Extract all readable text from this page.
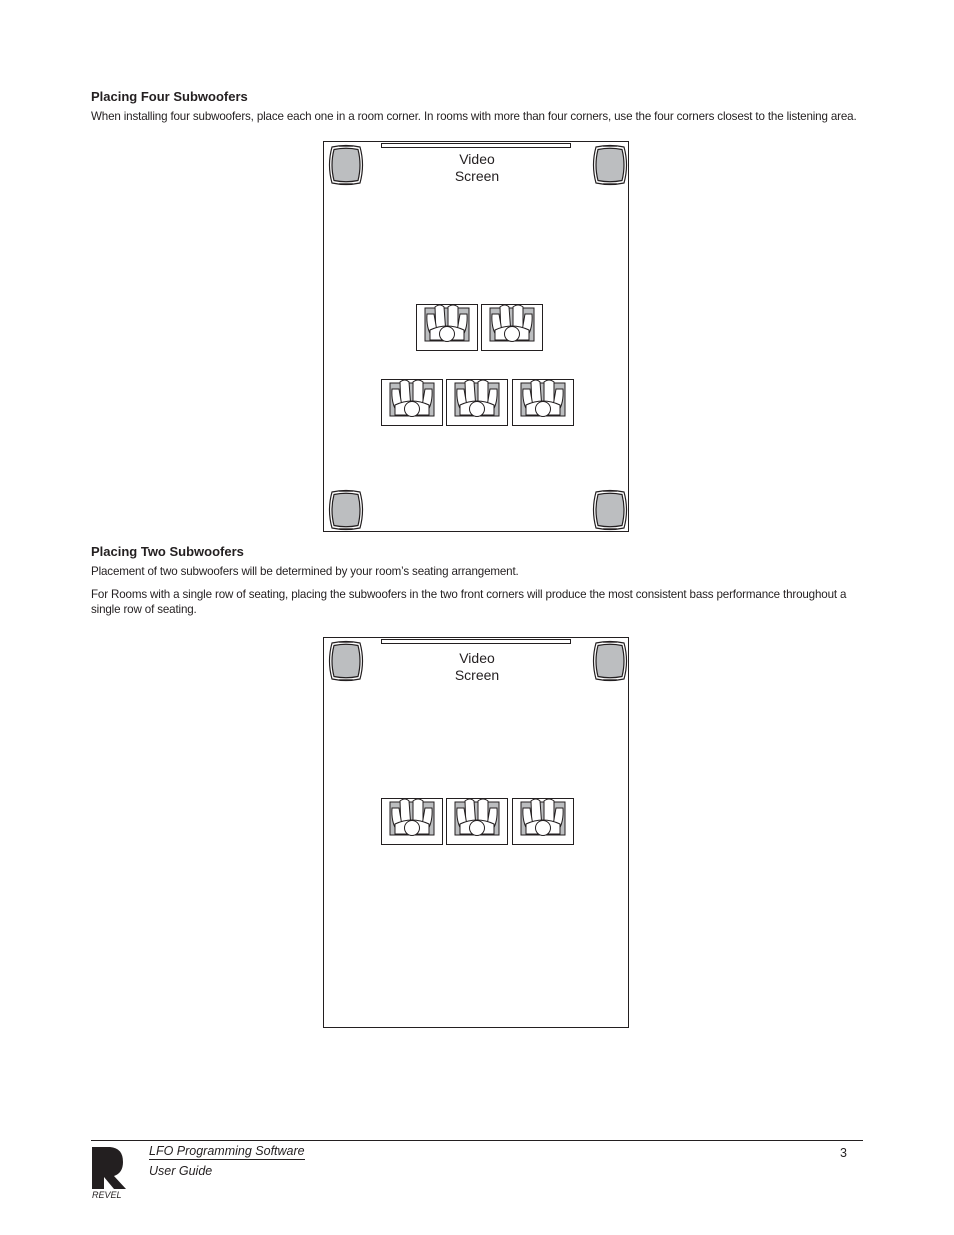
Placing Four Subwoofers

When installing four subwoofers, place each one in a room corner. In rooms with more than four corners, use the four corners closest to the listening area.

Video
Screen
Placing Two Subwoofers

Placement of two subwoofers will be determined by your room’s seating arrangement.

For Rooms with a single row of seating, placing the subwoofers in the two front corners will produce the most consistent bass performance throughout a single row of seating.

Video
Screen
REVEL

LFO Programming Software

User Guide

3
